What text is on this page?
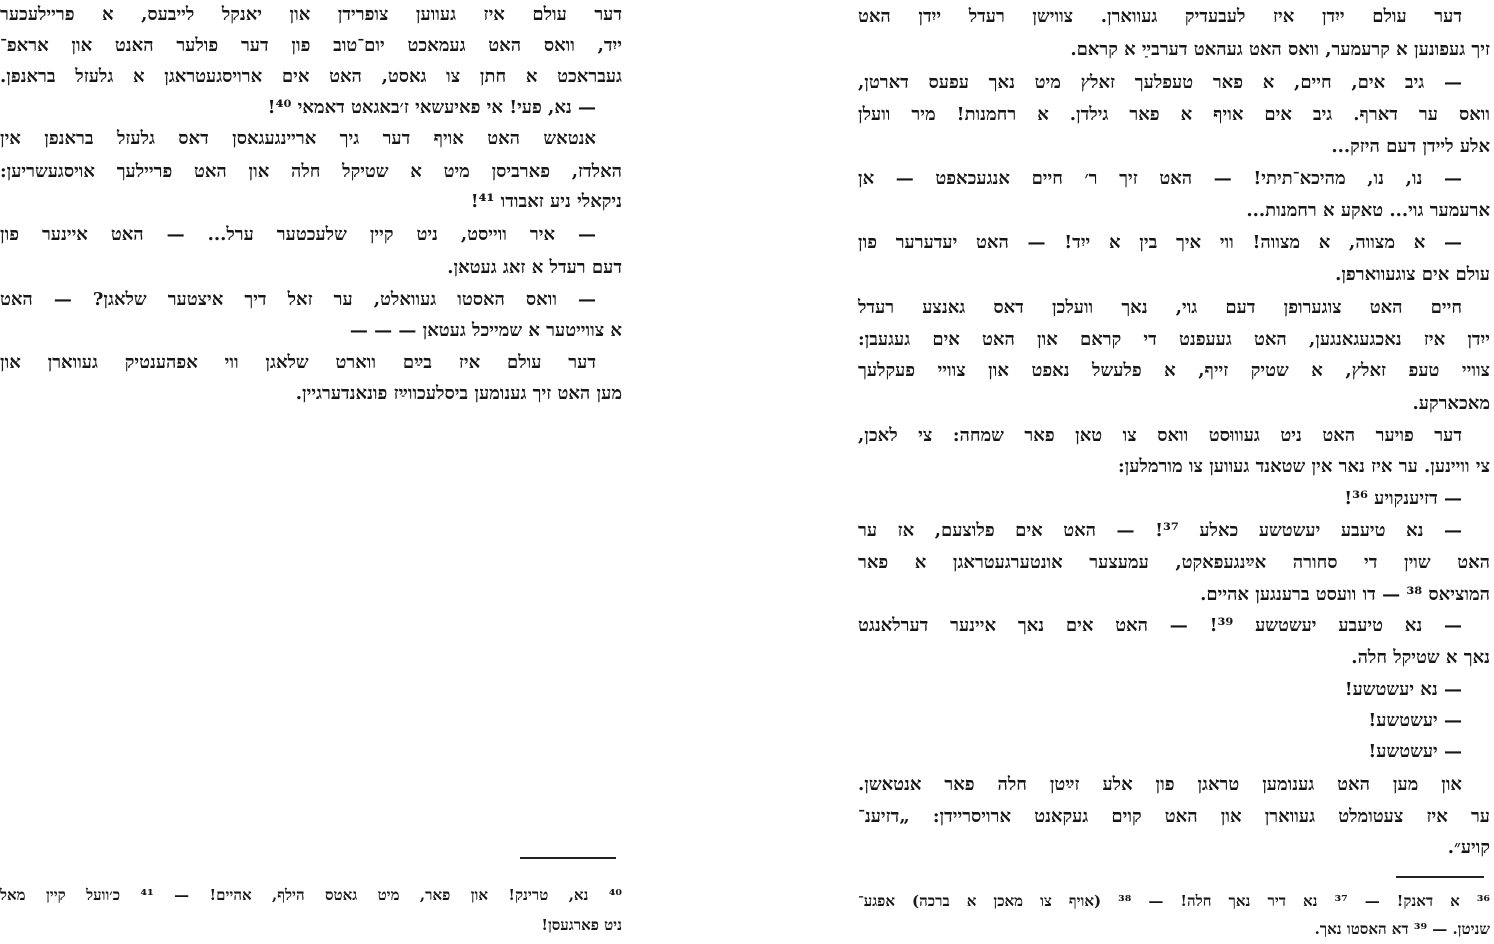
דער עולם איז געווען צופרידן און יאנקל לייבעס, א פריילעכער
ייִד, וואס האט געמאכט יום־טוב פון דער פולער האנט און אראפ־
געבראכט א חתן צו גאסט, האט אים ארויסגעטראגן א גלעזל בראנפן.
— נא, פעי! אי פאיעשאי ז׳באגאט דאמאי ⁴⁰!
אנטאש האט אויף דער גיך אריינגעגאסן דאס גלעזל בראנפן אין
האלדז, פארביסן מיט א שטיקל חלה און האט פריילעך אויסגעשריען:
ניקאלי ניע זאבודו ⁴¹!
— איר ווייסט, ניט קיין שלעכטער ערל... — האט איינער פון
דעם רעדל א זאג געטאן.
— וואס האסטו געוואלט, ער זאל דיך איצטער שלאגן? — האט
א צווייטער א שמייכל געטאן — — —
דער עולם איז בײַם ווארט שלאגן ווי אפהענטיק געווארן און
מען האט זיך גענומען ביסלעכווײַז פונאנדערגיין.
⁴⁰ נא, טרינק! און פאר, מיט גאטס הילף, אהיים! — ⁴¹ כ׳וועל קיין מאל
ניט פארגעסן!
דער עולם ייִדן איז לעבעדיק געווארן. צווישן רעדל ייִדן האט
זיך געפונען א קרעמער, וואס האט געהאט דערבײַ א קראם.
— גיב אים, חיים, א פאר טעפלעך זאלץ מיט נאך עפעס דארטן,
וואס ער דארף. גיב אים אויף א פאר גילדן. א רחמנות! מיר וועלן
אלע ליידן דעם היזק...
— נו, נו, מהיכא־תיתי! — האט זיך ר׳ חיים אנגעכאפט — אן
ארעמער גוי... טאקע א רחמנות...
— א מצווה, א מצווה! ווי איך בין א ייִד! — האט יעדערער פון
עולם אים צוגעווארפן.
חיים האט צוגערופן דעם גוי, נאך וועלכן דאס גאנצע רעדל
ייִדן איז נאכגעגאנגען, האט געעפנט די קראם און האט אים געגעבן:
צוויי טעפ זאלץ, א שטיק זייף, א פלעשל נאפט און צוויי פעקלעך
מאכארקע.
דער פויער האט ניט געוווּסט וואס צו טאן פאר שמחה: צי לאכן,
צי וויינען. ער איז נאר אין שטאנד געווען צו מורמלען:
— דזיענקויע ³⁶!
— נא טיעבע יעשטשע כאלע ³⁷! — האט אים פלוצעם, אז ער
האט שוין די סחורה אײַנגעפאקט, עמעצער אונטערגעטראגן א פאר
המוציאס ³⁸ — דו וועסט ברענגען אהיים.
— נא טיעבע יעשטשע ³⁹! — האט אים נאך איינער דערלאנגט
נאך א שטיקל חלה.
— נא יעשטשע!
— יעשטשע!
— יעשטשע!
און מען האט גענומען טראגן פון אלע זײַטן חלה פאר אנטאשן.
ער איז צעטומלט געווארן און האט קוים געקאנט ארויסריידן: „דזיענ־
קויע״.
³⁶ א דאנק! — ³⁷ נא דיר נאך חלה! — ³⁸ (אויף צו מאכן א ברכה) אפגע־
שניטן. — ³⁹ דא האסטו נאך.
